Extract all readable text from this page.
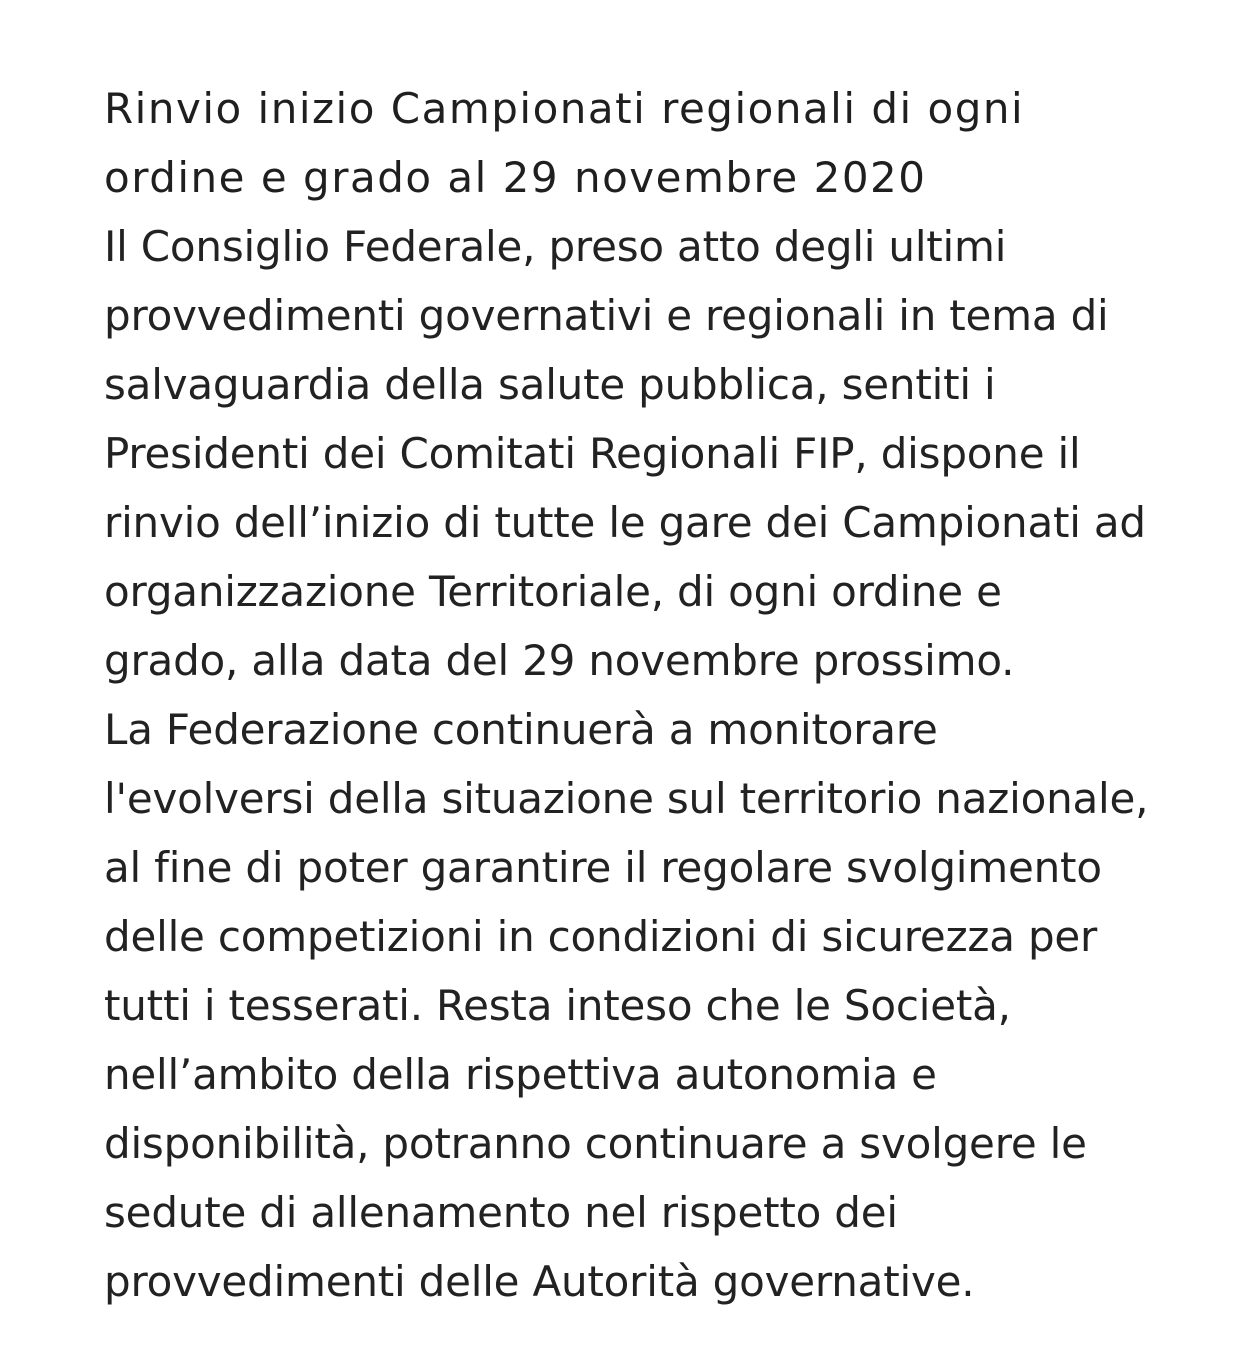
Rinvio inizio Campionati regionali di ogni
ordine e grado al 29 novembre 2020
Il Consiglio Federale, preso atto degli ultimi
provvedimenti governativi e regionali in tema di
salvaguardia della salute pubblica, sentiti i
Presidenti dei Comitati Regionali FIP, dispone il
rinvio dell’inizio di tutte le gare dei Campionati ad
organizzazione Territoriale, di ogni ordine e
grado, alla data del 29 novembre prossimo.
La Federazione continuerà a monitorare
l'evolversi della situazione sul territorio nazionale,
al fine di poter garantire il regolare svolgimento
delle competizioni in condizioni di sicurezza per
tutti i tesserati. Resta inteso che le Società,
nell’ambito della rispettiva autonomia e
disponibilità, potranno continuare a svolgere le
sedute di allenamento nel rispetto dei
provvedimenti delle Autorità governative.
